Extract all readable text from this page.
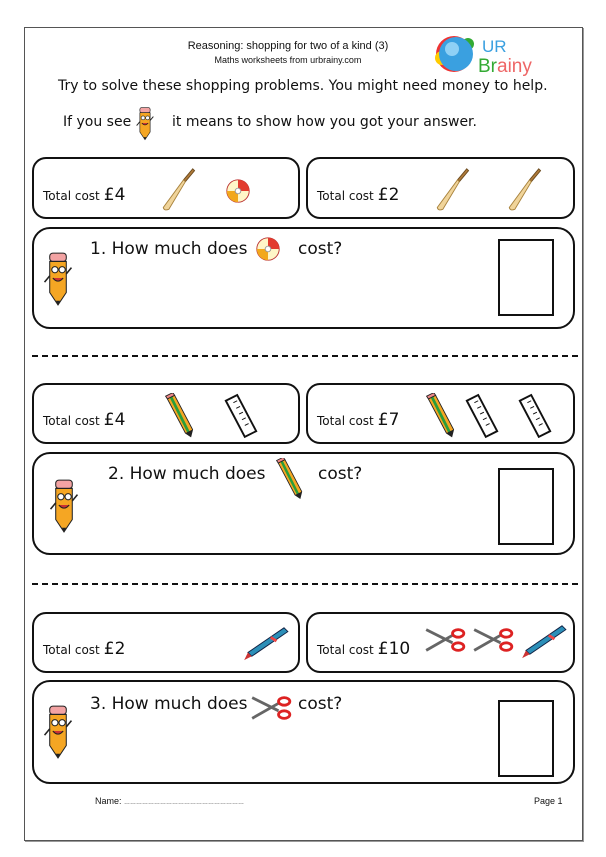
Reasoning: shopping for two of a kind (3)
Maths worksheets from urbrainy.com
UR
Brainy
Try to solve these shopping problems. You might need money to help.
If you see	it means to show how you got your answer.
Total cost £4	Total cost £2
1. How much does	cost?
Total cost £4	Total cost £7
2. How much does	cost?
Total cost £2	Total cost £10
3. How much does	cost?
Name: ……………………………………………………	Page 1
